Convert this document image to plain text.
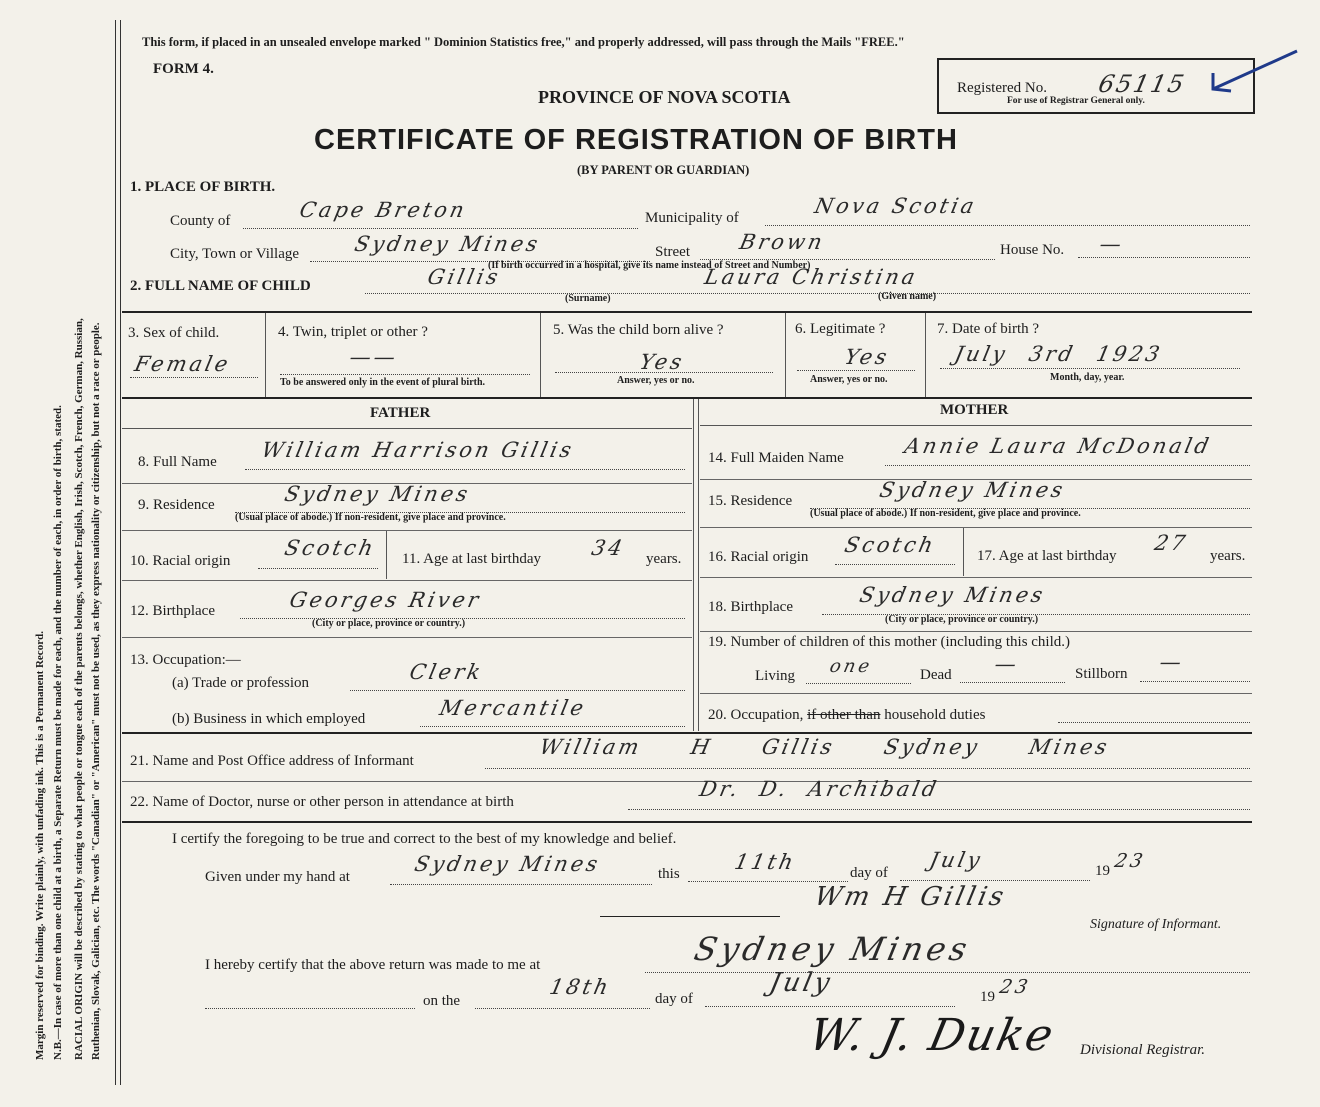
Margin reserved for binding. Write plainly, with unfading ink. This is a Permanent Record. N.B.—In case of more than one child at a birth, a Separate Return must be made for each, and the number of each, in order of birth, stated. RACIAL ORIGIN will be described by stating to what people or tongue each of the parents belongs, whether English, Irish, Scotch, French, German, Russian, Ruthenian, Slovak, Galician, etc. The words "Canadian" or "American" must not be used, as they express nationality or citizenship, but not a race or people.
This form, if placed in an unsealed envelope marked " Dominion Statistics free," and properly addressed, will pass through the Mails "FREE."
FORM 4.
PROVINCE OF NOVA SCOTIA
CERTIFICATE OF REGISTRATION OF BIRTH
(BY PARENT OR GUARDIAN)
Registered No. 65115
For use of Registrar General only.
1. PLACE OF BIRTH.
County of	Cape Breton	Municipality of	Nova Scotia
City, Town or Village	Sydney Mines	Street Brown	House No. —
(If birth occurred in a hospital, give its name instead of Street and Number)
2. FULL NAME OF CHILD	Gillis	Laura Christina
(Surname)	(Given name)
3. Sex of child.
Female
4. Twin, triplet or other ?
——
To be answered only in the event of plural birth.
5. Was the child born alive ?
Yes
Answer, yes or no.
6. Legitimate ?
Yes
Answer, yes or no.
7. Date of birth ?
July 3rd 1923
Month, day, year.
FATHER	MOTHER
8. Full Name William Harrison Gillis
9. Residence	Sydney Mines
(Usual place of abode.) If non-resident, give place and province.
10. Racial origin
Scotch 11. Age at last birthday 34 years.
12. Birthplace	Georges River
(City or place, province or country.)
13. Occupation:—
(a) Trade or profession	Clerk
(b) Business in which employed	Mercantile
14. Full Maiden Name	Annie Laura McDonald
15. Residence	Sydney Mines
(Usual place of abode.) If non-resident, give place and province.
16. Racial origin Scotch	17. Age at last birthday
27
years.
18. Birthplace	Sydney Mines
(City or place, province or country.)
19. Number of children of this mother (including this child.)
Living one	Dead —	Stillborn —
20. Occupation, if other than household duties
21. Name and Post Office address of Informant
William H Gillis Sydney Mines
22. Name of Doctor, nurse or other person in attendance at birth
Dr. D. Archibald
I certify the foregoing to be true and correct to the best of my knowledge and belief.
Given under my hand at
Sydney Mines	this	11th	day of
July	19 23
Wm H Gillis
Signature of Informant.
I hereby certify that the above return was made to me at	Sydney Mines
on the
18th	day of
July	19 23
W. J. Duke Divisional Registrar.
